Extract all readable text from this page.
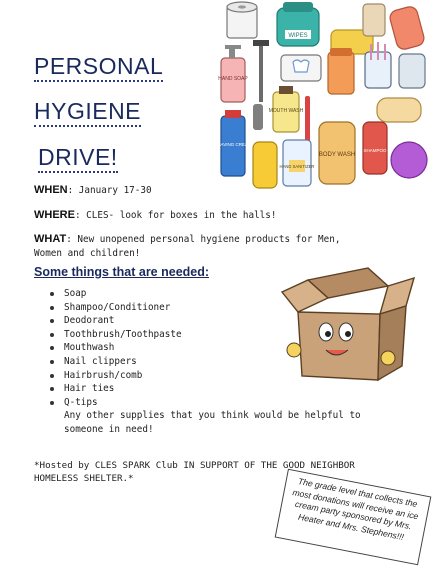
PERSONAL
HYGIENE
DRIVE!
WIPES
HAND SOAP
MOUTH WASH
SHAVING CREAM
HAND SANITIZER
BODY WASH
SHAMPOO
WHEN: January 17-30
WHERE: CLES- look for boxes in the halls!
WHAT: New unopened personal hygiene products for Men, Women and children!
Some things that are needed:
Soap
Shampoo/Conditioner
Deodorant
Toothbrush/Toothpaste
Mouthwash
Nail clippers
Hairbrush/comb
Hair ties
Q-tips
Any other supplies that you think would be helpful to someone in need!
*Hosted by CLES SPARK Club IN SUPPORT OF THE GOOD NEIGHBOR HOMELESS SHELTER.*	The grade level that collects the most donations will receive an ice cream party sponsored by Mrs. Heater and Mrs. Stephens!!!
